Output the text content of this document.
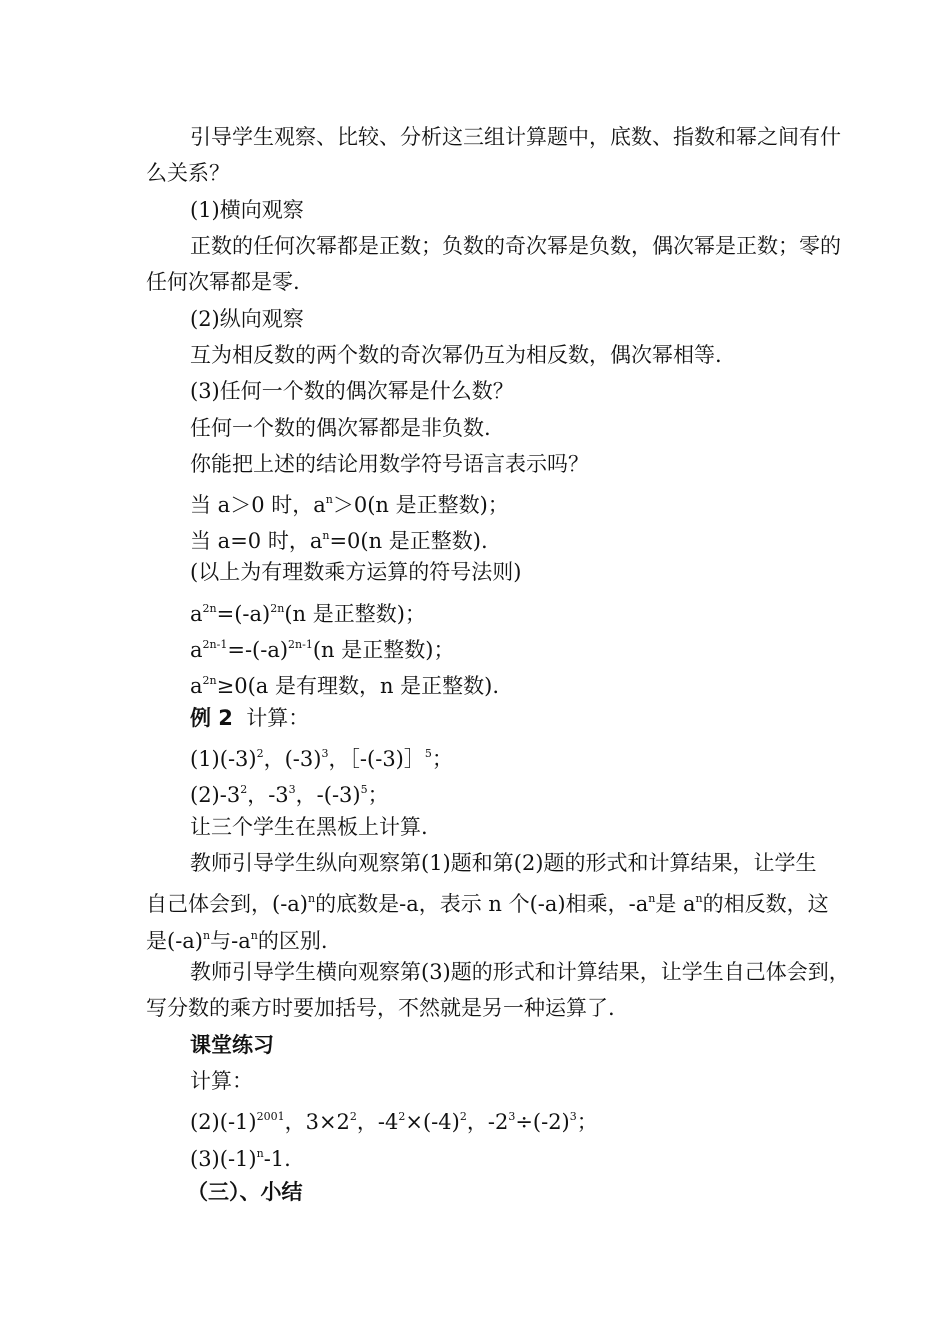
引导学生观察、比较、分析这三组计算题中，底数、指数和幂之间有什
么关系？
(1)横向观察
正数的任何次幂都是正数；负数的奇次幂是负数，偶次幂是正数；零的
任何次幂都是零.
(2)纵向观察
互为相反数的两个数的奇次幂仍互为相反数，偶次幂相等.
(3)任何一个数的偶次幂是什么数？
任何一个数的偶次幂都是非负数.
你能把上述的结论用数学符号语言表示吗？
当 a＞0 时，$a^n>0(n$ 是正整数)；
当 a=0 时，$a^n=0(n$ 是正整数).
(以上为有理数乘方运算的符号法则)
$a^{2n}=(-a)^{2n}(n$ 是正整数)；
$a^{2n-1}=-(-a)^{2n-1}(n$ 是正整数)；
$a^{2n}\ge 0(a$ 是有理数，n 是正整数).
例 2  计算：
$(1)(-3)^2$，$(-3)^3$，［-(-3)］$^5$；
$(2)-3^2$，$-3^3$，$-(-3)^5$；
让三个学生在黑板上计算.
教师引导学生纵向观察第(1)题和第(2)题的形式和计算结果，让学生
自己体会到，$(-a)^n$的底数是-a，表示 n 个(-a)相乘，$-a^n$是 $a^n$的相反数，这
是$(-a)^n$与$-a^n$的区别.
教师引导学生横向观察第(3)题的形式和计算结果，让学生自己体会到，
写分数的乘方时要加括号，不然就是另一种运算了.
课堂练习
计算：
$(2)(-1)^{2001}$，$3\times 2^2$，$-4^2\times(-4)^2$，$-2^3\div(-2)^3$；
$(3)(-1)^n-1$.
（三）、小结
